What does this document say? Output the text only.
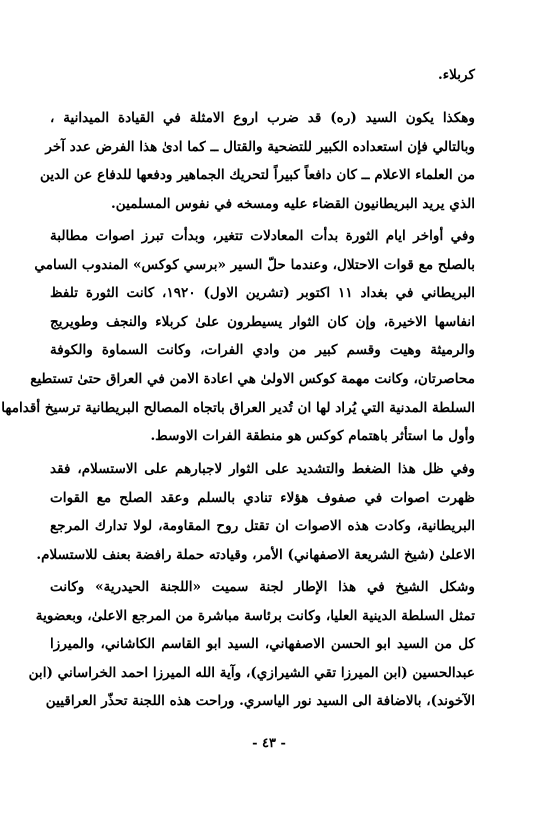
كربلاء.
وهكذا يكون السيد (ره) قد ضرب اروع الامثلة في القيادة الميدانية ،
وبالتالي فإن استعداده الكبير للتضحية والقتال ــ كما ادىٰ هذا الفرض عدد آخر
من العلماء الاعلام ــ كان دافعاً كبيراً لتحريك الجماهير ودفعها للدفاع عن الدين
الذي يريد البريطانيون القضاء عليه ومسخه في نفوس المسلمين.
وفي أواخر ايام الثورة بدأت المعادلات تتغير، وبدأت تبرز اصوات مطالبة
بالصلح مع قوات الاحتلال، وعندما حلّ السير «برسي كوكس» المندوب السامي
البريطاني في بغداد ١١ اكتوبر (تشرين الاول) ١٩٢٠، كانت الثورة تلفظ
انفاسها الاخيرة، وإن كان الثوار يسيطرون علىٰ كربلاء والنجف وطويريج
والرميثة وهيت وقسم كبير من وادي الفرات، وكانت السماوة والكوفة
محاصرتان، وكانت مهمة كوكس الاولىٰ هي اعادة الامن في العراق حتىٰ تستطيع
السلطة المدنية التي يُراد لها ان تُدير العراق باتجاه المصالح البريطانية ترسيخ أقدامها
وأول ما استأثر باهتمام كوكس هو منطقة الفرات الاوسط.
وفي ظل هذا الضغط والتشديد على الثوار لاجبارهم على الاستسلام، فقد
ظهرت اصوات في صفوف هؤلاء تنادي بالسلم وعقد الصلح مع القوات
البريطانية، وكادت هذه الاصوات ان تقتل روح المقاومة، لولا تدارك المرجع
الاعلىٰ (شيخ الشريعة الاصفهاني) الأمر، وقيادته حملة رافضة بعنف للاستسلام.
وشكل الشيخ في هذا الإطار لجنة سميت «اللجنة الحيدرية» وكانت
تمثل السلطة الدينية العليا، وكانت برئاسة مباشرة من المرجع الاعلىٰ، وبعضوية
كل من السيد ابو الحسن الاصفهاني، السيد ابو القاسم الكاشاني، والميرزا
عبدالحسين (ابن الميرزا تقي الشيرازي)، وآية الله الميرزا احمد الخراساني (ابن
الآخوند)، بالاضافة الى السيد نور الياسري. وراحت هذه اللجنة تحذّر العراقيين
- ٤٣ -
